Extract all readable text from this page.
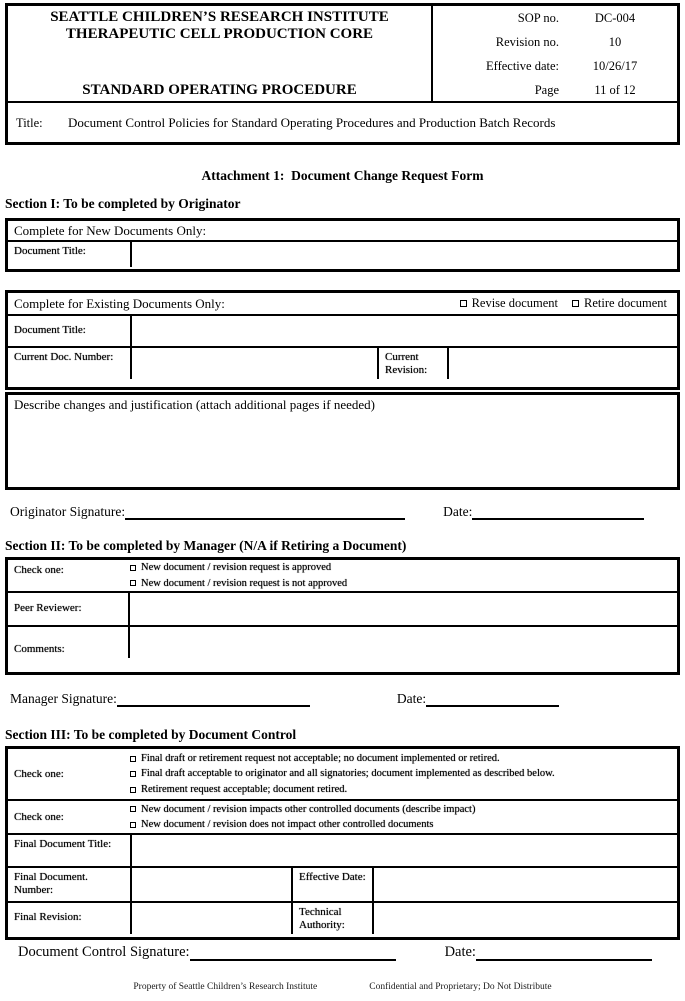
SEATTLE CHILDREN’S RESEARCH INSTITUTE
THERAPEUTIC CELL PRODUCTION CORE
STANDARD OPERATING PROCEDURE
SOP no.	DC-004
Revision no.	10
Effective date:	10/26/17
Page	11 of 12
Title:	Document Control Policies for Standard Operating Procedures and Production Batch Records
Attachment 1:  Document Change Request Form
Section I: To be completed by Originator
Complete for New Documents Only:
Document Title:
Complete for Existing Documents Only:	Revise document Retire document
Document Title:
Current Doc. Number:	Current Revision:
Describe changes and justification (attach additional pages if needed)
Originator Signature:	Date:
Section II: To be completed by Manager (N/A if Retiring a Document)
Check one:	New document / revision request is approved
New document / revision request is not approved
Peer Reviewer:
Comments:
Manager Signature:	Date:
Section III: To be completed by Document Control
Check one:
Final draft or retirement request not acceptable; no document implemented or retired.
Final draft acceptable to originator and all signatories; document implemented as described below.
Retirement request acceptable; document retired.
Check one:
New document / revision impacts other controlled documents (describe impact)
New document / revision does not impact other controlled documents
Final Document Title:
Final Document. Number:
Effective Date:
Final Revision:	Technical Authority:
Document Control Signature:	Date:
Property of Seattle Children’s Research Institute	Confidential and Proprietary; Do Not Distribute
